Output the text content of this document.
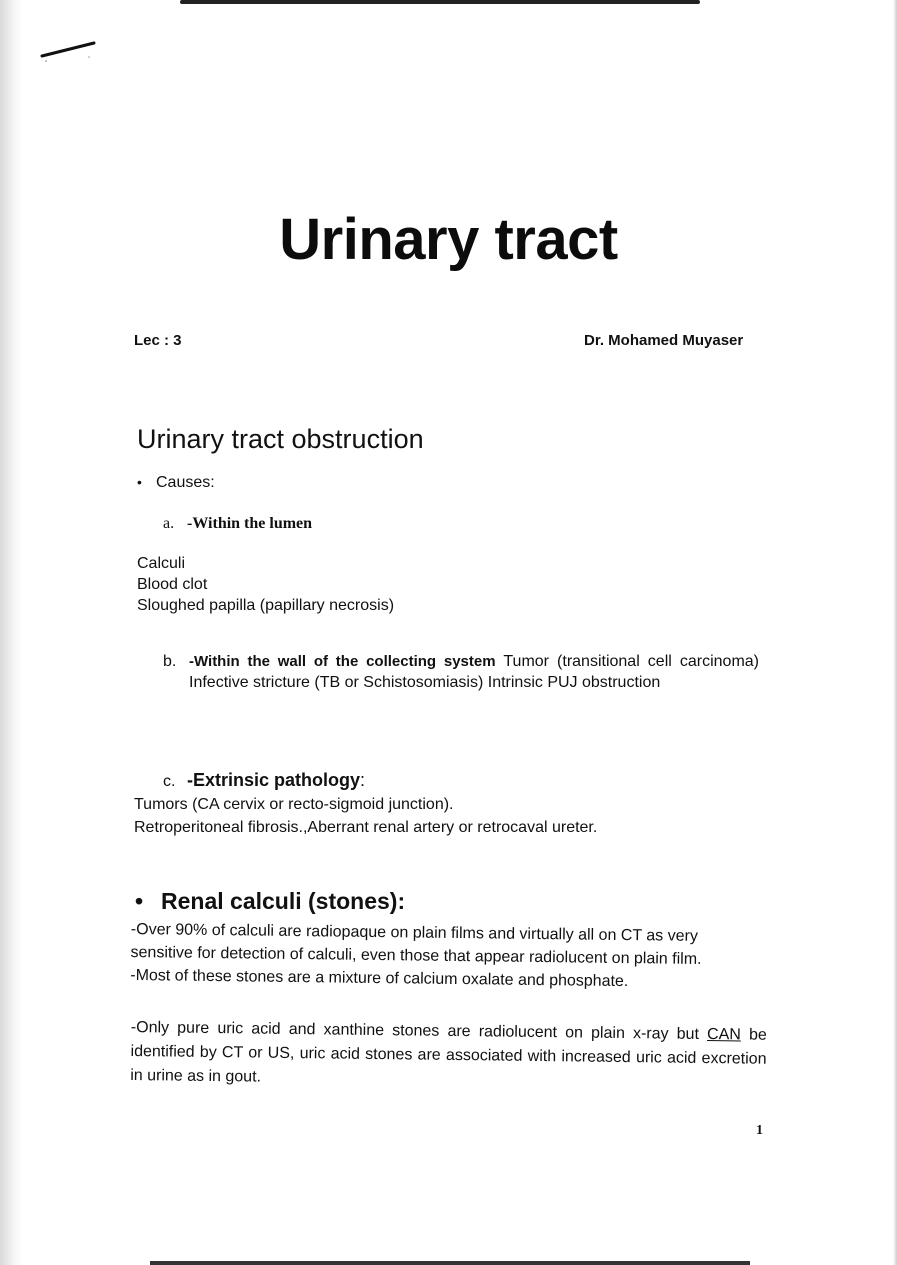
Urinary tract
Lec : 3	Dr. Mohamed Muyaser
Urinary tract obstruction
• Causes:
a. -Within the lumen
Calculi
Blood clot
Sloughed papilla (papillary necrosis)
b. -Within the wall of the collecting system Tumor (transitional cell carcinoma) Infective stricture (TB or Schistosomiasis) Intrinsic PUJ obstruction
c. -Extrinsic pathology:
Tumors (CA cervix or recto-sigmoid junction).
Retroperitoneal fibrosis.,Aberrant renal artery or retrocaval ureter.
• Renal calculi (stones):
-Over 90% of calculi are radiopaque on plain films and virtually all on CT as very
sensitive for detection of calculi, even those that appear radiolucent on plain film.
-Most of these stones are a mixture of calcium oxalate and phosphate.

-Only pure uric acid and xanthine stones are radiolucent on plain x-ray but CAN be identified by CT or US, uric acid stones are associated with increased uric acid excretion in urine as in gout.

1
